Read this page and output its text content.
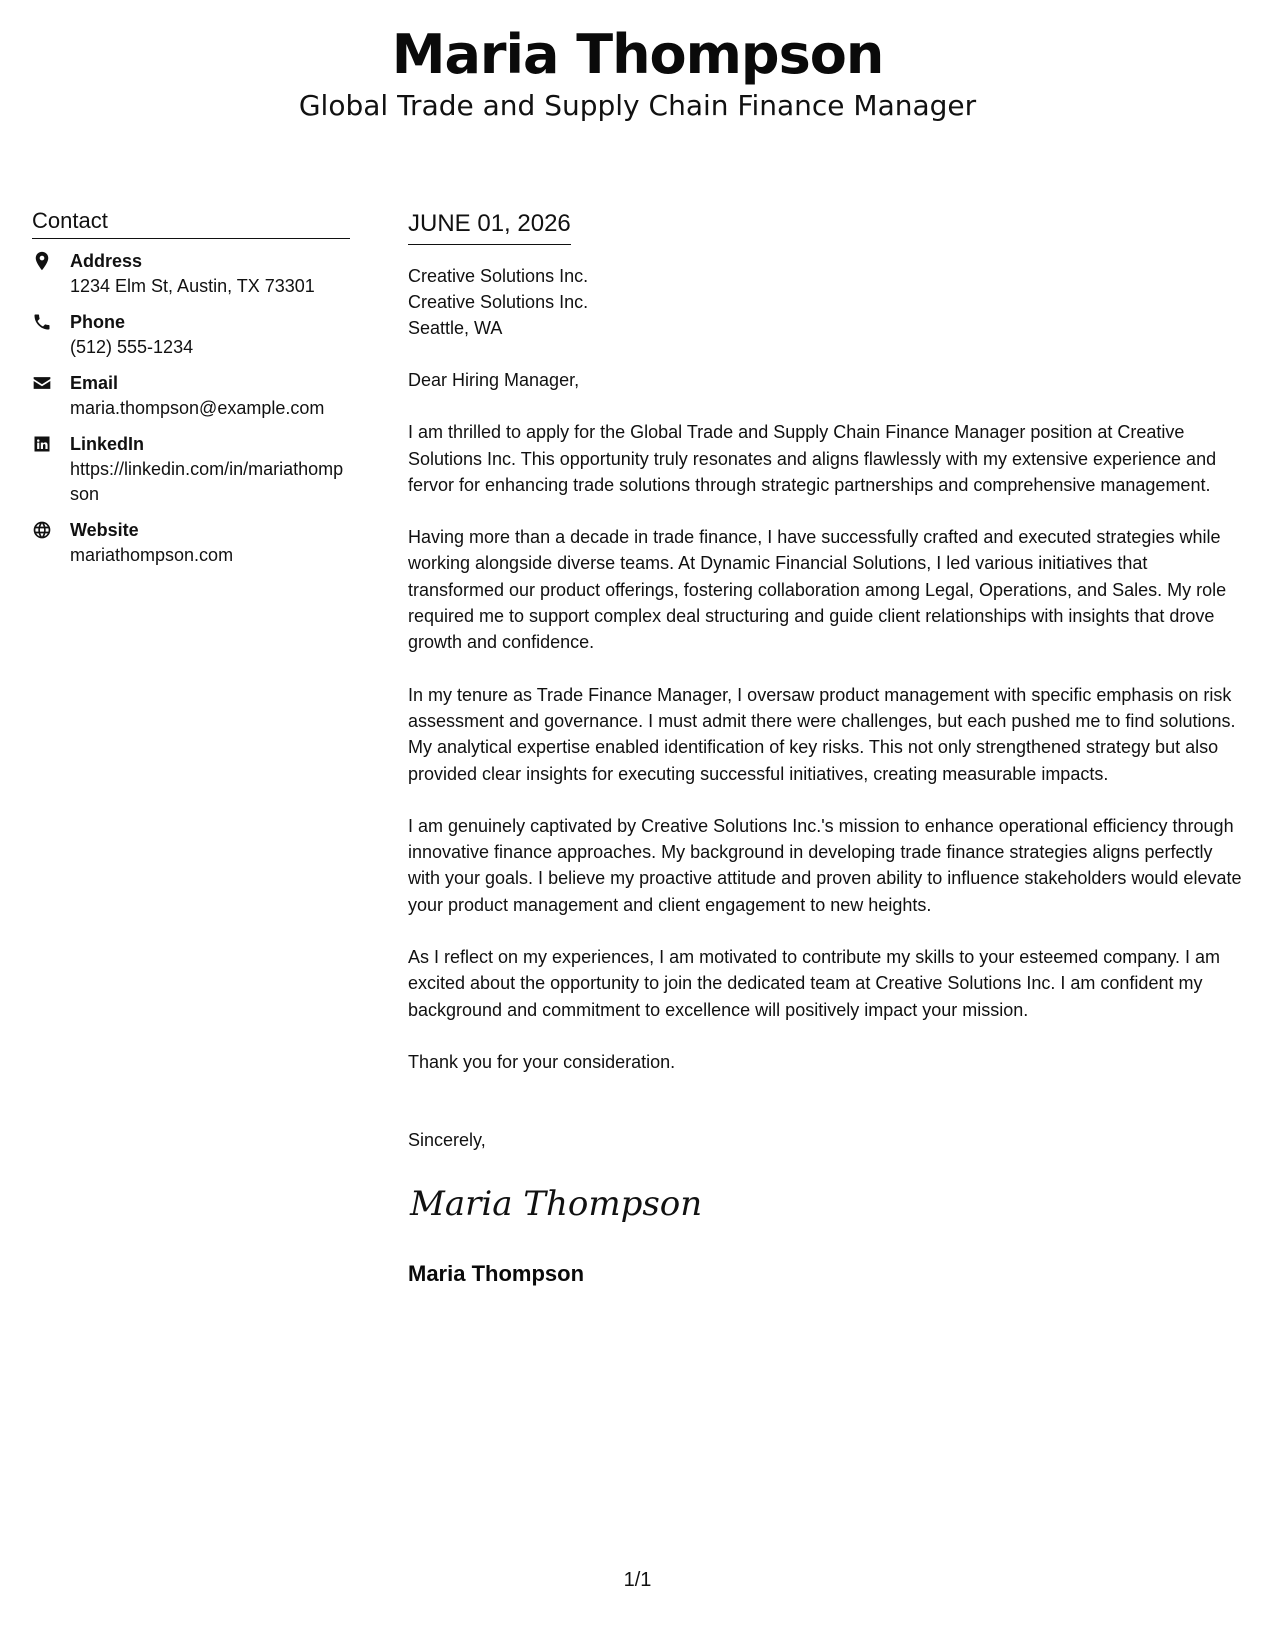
Maria Thompson
Global Trade and Supply Chain Finance Manager
Contact
Address
1234 Elm St, Austin, TX 73301
Phone
(512) 555-1234
Email
maria.thompson@example.com
LinkedIn
https://linkedin.com/in/mariathompson
Website
mariathompson.com
JUNE 01, 2026

Creative Solutions Inc.

Creative Solutions Inc.

Seattle, WA

Dear Hiring Manager,

I am thrilled to apply for the Global Trade and Supply Chain Finance Manager position at Creative Solutions Inc. This opportunity truly resonates and aligns flawlessly with my extensive experience and fervor for enhancing trade solutions through strategic partnerships and comprehensive management.

Having more than a decade in trade finance, I have successfully crafted and executed strategies while working alongside diverse teams. At Dynamic Financial Solutions, I led various initiatives that transformed our product offerings, fostering collaboration among Legal, Operations, and Sales. My role required me to support complex deal structuring and guide client relationships with insights that drove growth and confidence.

In my tenure as Trade Finance Manager, I oversaw product management with specific emphasis on risk assessment and governance. I must admit there were challenges, but each pushed me to find solutions. My analytical expertise enabled identification of key risks. This not only strengthened strategy but also provided clear insights for executing successful initiatives, creating measurable impacts.

I am genuinely captivated by Creative Solutions Inc.'s mission to enhance operational efficiency through innovative finance approaches. My background in developing trade finance strategies aligns perfectly with your goals. I believe my proactive attitude and proven ability to influence stakeholders would elevate your product management and client engagement to new heights.

As I reflect on my experiences, I am motivated to contribute my skills to your esteemed company. I am excited about the opportunity to join the dedicated team at Creative Solutions Inc. I am confident my background and commitment to excellence will positively impact your mission.

Thank you for your consideration.

Sincerely,
Maria Thompson
Maria Thompson
1/1
